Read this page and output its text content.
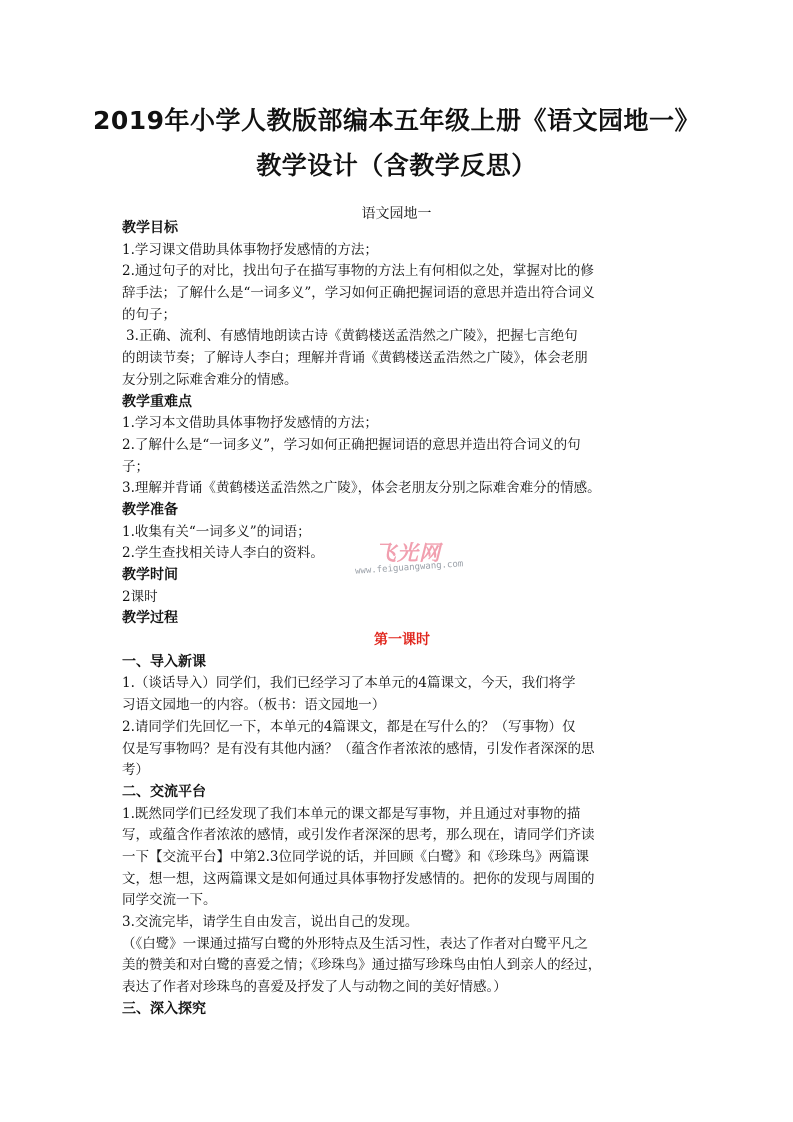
2019年小学人教版部编本五年级上册《语文园地一》
教学设计（含教学反思）
语文园地一
教学目标
1.学习课文借助具体事物抒发感情的方法；
2.通过句子的对比，找出句子在描写事物的方法上有何相似之处，掌握对比的修
辞手法；了解什么是“一词多义”，学习如何正确把握词语的意思并造出符合词义
的句子；
3.正确、流利、有感情地朗读古诗《黄鹤楼送孟浩然之广陵》，把握七言绝句
的朗读节奏；了解诗人李白；理解并背诵《黄鹤楼送孟浩然之广陵》，体会老朋
友分别之际难舍难分的情感。
教学重难点
1.学习本文借助具体事物抒发感情的方法；
2.了解什么是“一词多义”，学习如何正确把握词语的意思并造出符合词义的句
子；
3.理解并背诵《黄鹤楼送孟浩然之广陵》，体会老朋友分别之际难舍难分的情感。
教学准备
1.收集有关“一词多义”的词语；
2.学生查找相关诗人李白的资料。
教学时间
2课时
教学过程
第一课时
一、导入新课
1.（谈话导入）同学们，我们已经学习了本单元的4篇课文，今天，我们将学
习语文园地一的内容。（板书：语文园地一）
2.请同学们先回忆一下，本单元的4篇课文，都是在写什么的？（写事物）仅
仅是写事物吗？是有没有其他内涵？（蕴含作者浓浓的感情，引发作者深深的思
考）
二、交流平台
1.既然同学们已经发现了我们本单元的课文都是写事物，并且通过对事物的描
写，或蕴含作者浓浓的感情，或引发作者深深的思考，那么现在，请同学们齐读
一下【交流平台】中第2.3位同学说的话，并回顾《白鹭》和《珍珠鸟》两篇课
文，想一想，这两篇课文是如何通过具体事物抒发感情的。把你的发现与周围的
同学交流一下。
3.交流完毕，请学生自由发言，说出自己的发现。
（《白鹭》一课通过描写白鹭的外形特点及生活习性，表达了作者对白鹭平凡之
美的赞美和对白鹭的喜爱之情；《珍珠鸟》通过描写珍珠鸟由怕人到亲人的经过，
表达了作者对珍珠鸟的喜爱及抒发了人与动物之间的美好情感。）
三、深入探究
飞光网
www.feiguangwang.com
